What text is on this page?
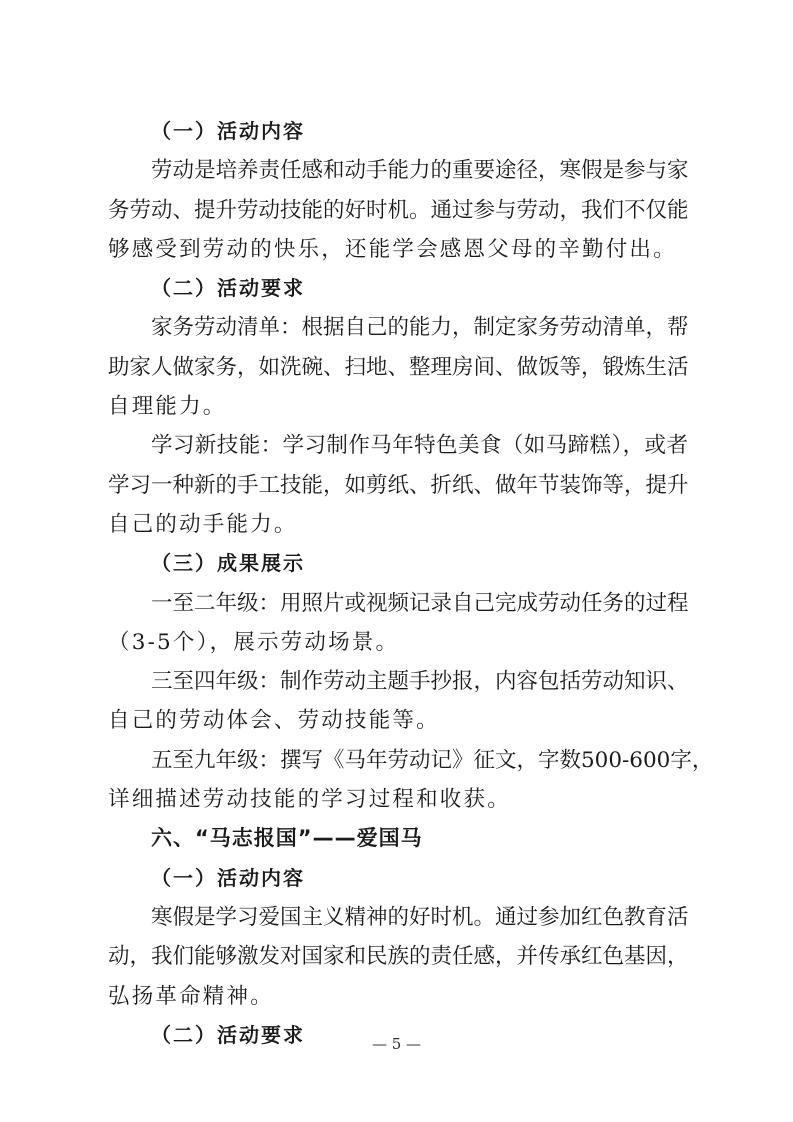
（一）活动内容
劳动是培养责任感和动手能力的重要途径，寒假是参与家
务劳动、提升劳动技能的好时机。通过参与劳动，我们不仅能
够感受到劳动的快乐，还能学会感恩父母的辛勤付出。
（二）活动要求
家务劳动清单：根据自己的能力，制定家务劳动清单，帮
助家人做家务，如洗碗、扫地、整理房间、做饭等，锻炼生活
自理能力。
学习新技能：学习制作马年特色美食（如马蹄糕），或者
学习一种新的手工技能，如剪纸、折纸、做年节装饰等，提升
自己的动手能力。
（三）成果展示
一至二年级：用照片或视频记录自己完成劳动任务的过程
（3-5个），展示劳动场景。
三至四年级：制作劳动主题手抄报，内容包括劳动知识、
自己的劳动体会、劳动技能等。
五至九年级：撰写《马年劳动记》征文，字数500-600字，
详细描述劳动技能的学习过程和收获。
六、“马志报国”——爱国马
（一）活动内容
寒假是学习爱国主义精神的好时机。通过参加红色教育活
动，我们能够激发对国家和民族的责任感，并传承红色基因，
弘扬革命精神。
（二）活动要求	— 5 —
